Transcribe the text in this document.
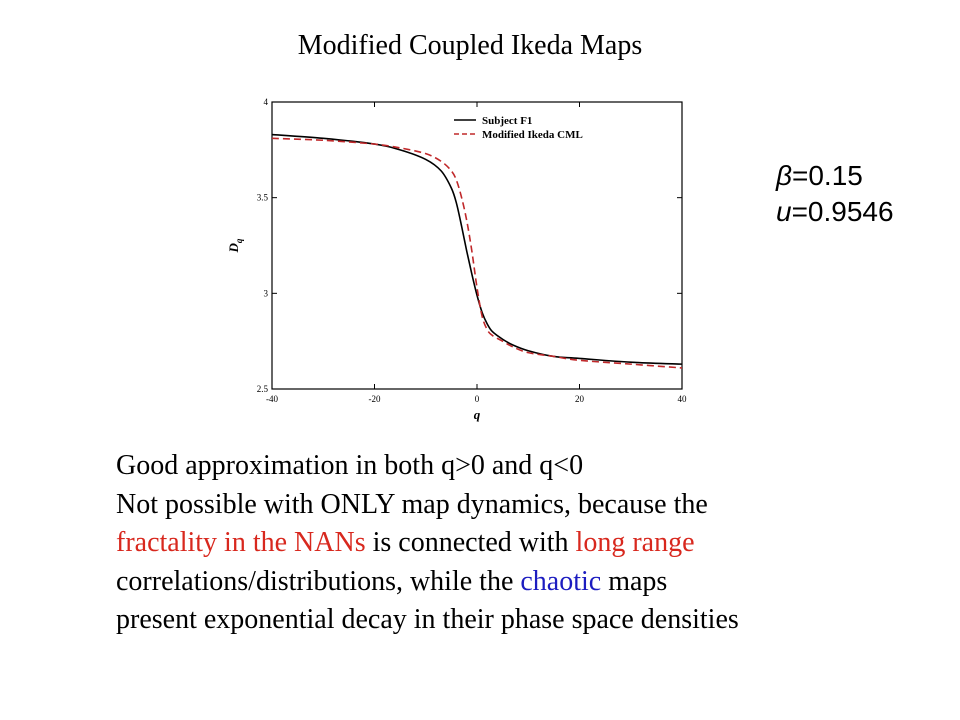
Modified Coupled Ikeda Maps
-40	-20	0	20	40
2.5
3
3.5
4
q
$D_q$
Subject F1
Modified Ikeda CML
β=0.15
u=0.9546
Good approximation in both q>0 and q<0
Not possible with ONLY map dynamics, because the
fractality in the NANs is connected with long range
correlations/distributions, while the chaotic maps
present exponential decay in their phase space densities
